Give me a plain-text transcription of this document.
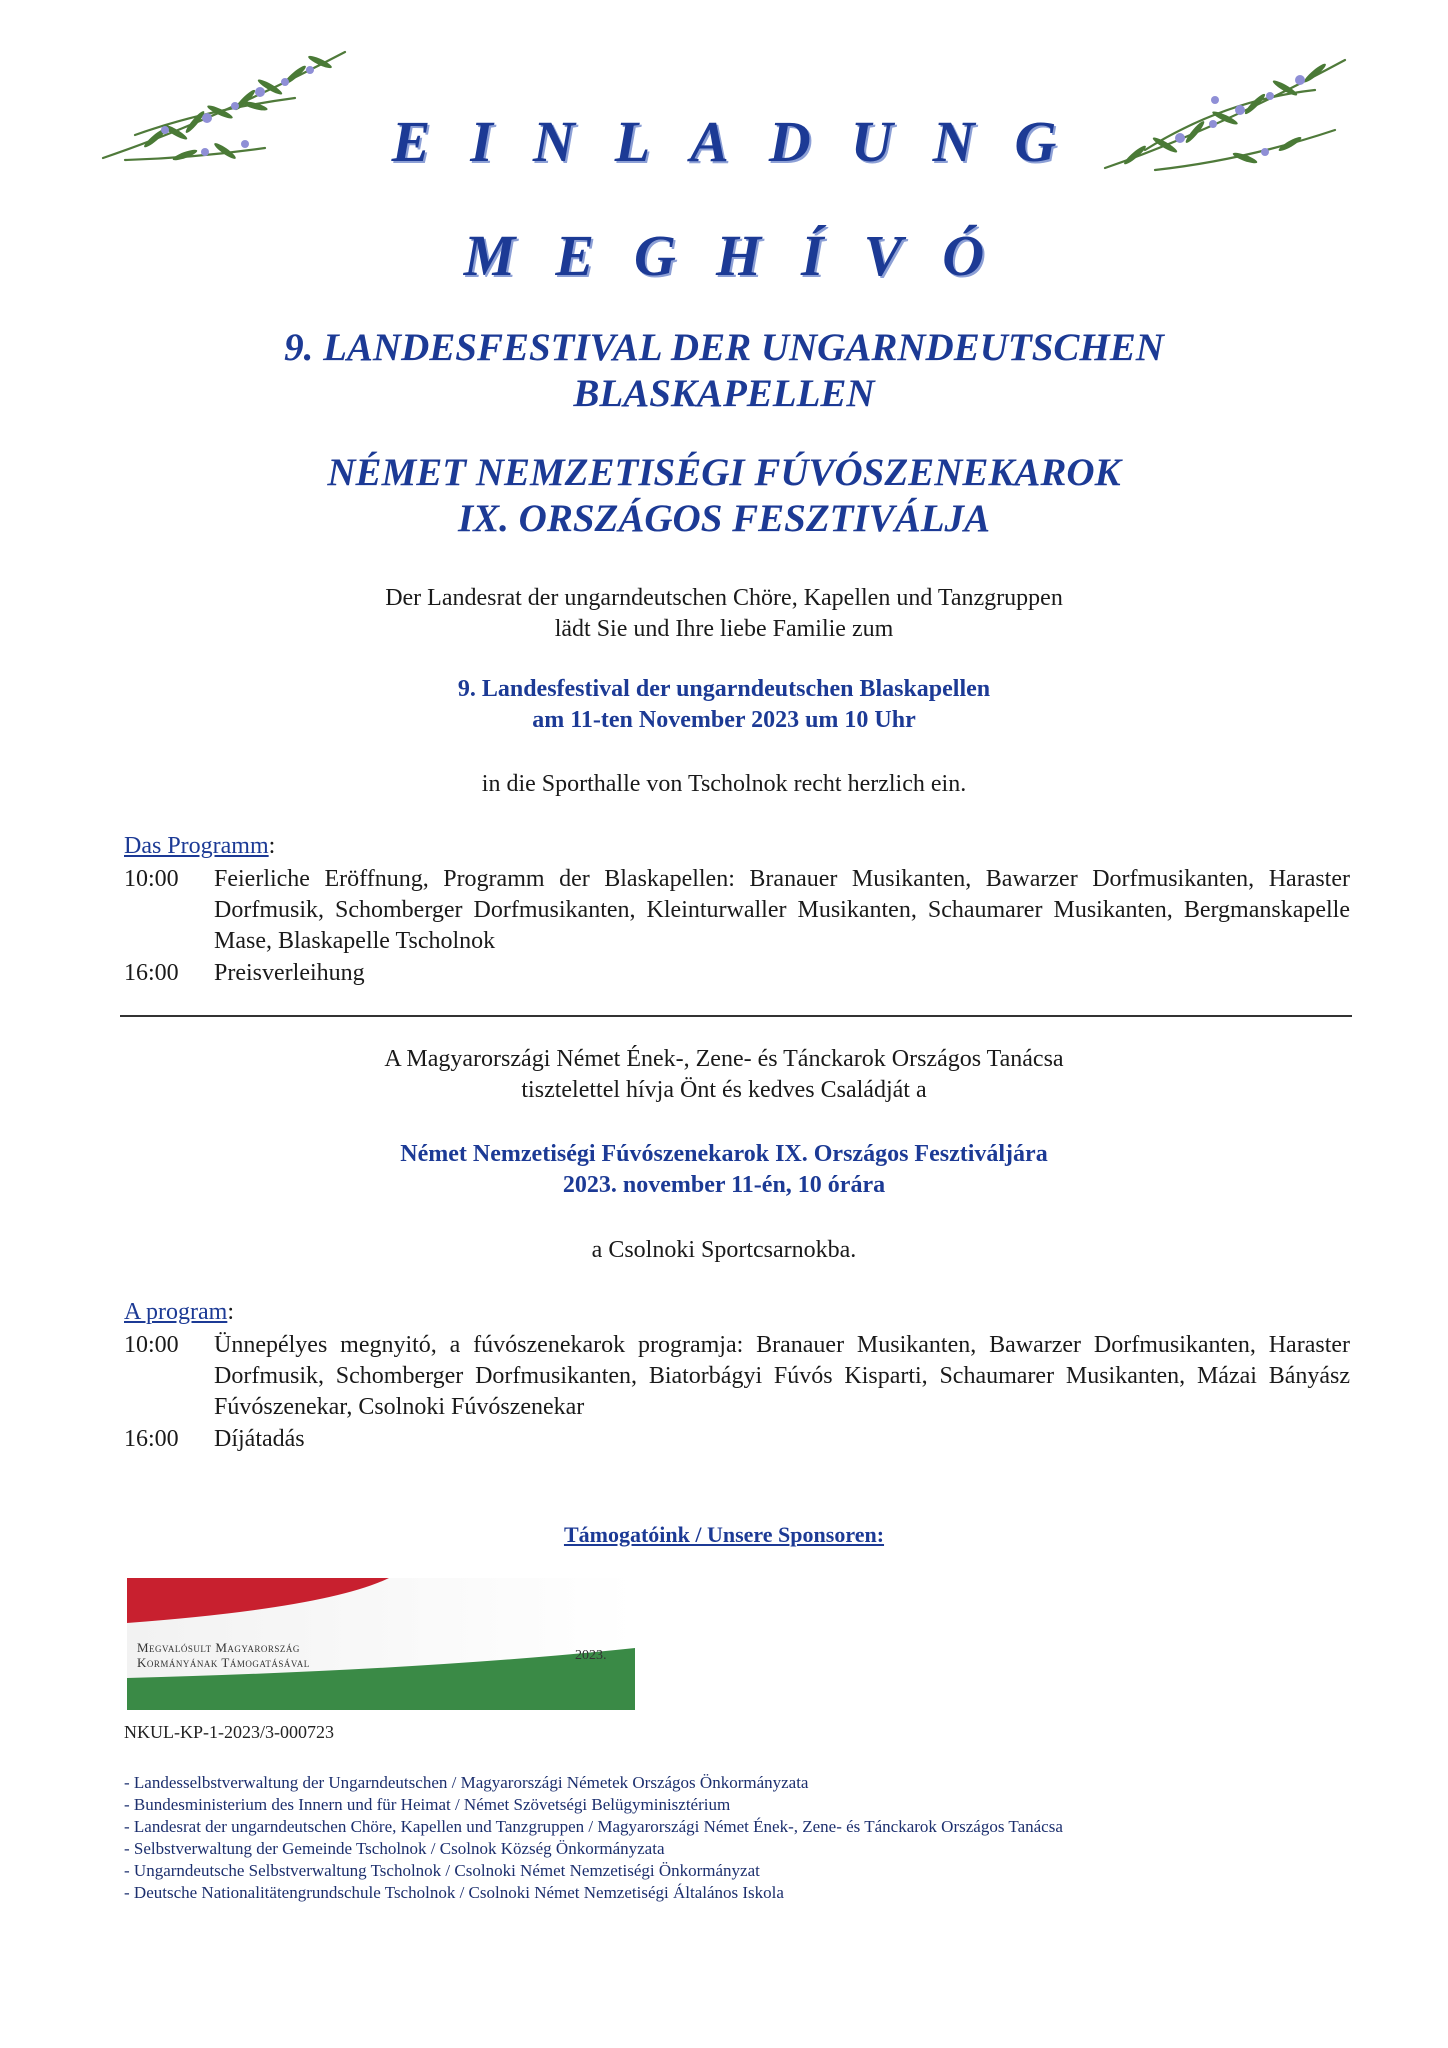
EINLADUNG
MEGHÍVÓ
9. LANDESFESTIVAL DER UNGARNDEUTSCHEN
BLASKAPELLEN
NÉMET NEMZETISÉGI FÚVÓSZENEKAROK
IX. ORSZÁGOS FESZTIVÁLJA
Der Landesrat der ungarndeutschen Chöre, Kapellen und Tanzgruppen
lädt Sie und Ihre liebe Familie zum
9. Landesfestival der ungarndeutschen Blaskapellen
am 11-ten November 2023 um 10 Uhr
in die Sporthalle von Tscholnok recht herzlich ein.
Das Programm:
10:00	Feierliche Eröffnung, Programm der Blaskapellen: Branauer Musikanten, Bawarzer Dorfmusikanten, Haraster Dorfmusik, Schomberger Dorfmusikanten, Kleinturwaller Musikanten, Schaumarer Musikanten, Bergmanskapelle Mase, Blaskapelle Tscholnok
16:00	Preisverleihung
A Magyarországi Német Ének-, Zene- és Tánckarok Országos Tanácsa
tisztelettel hívja Önt és kedves Családját a
Német Nemzetiségi Fúvószenekarok IX. Országos Fesztiváljára
2023. november 11-én, 10 órára
a Csolnoki Sportcsarnokba.
A program:
10:00	Ünnepélyes megnyitó, a fúvószenekarok programja: Branauer Musikanten, Bawarzer Dorfmusikanten, Haraster Dorfmusik, Schomberger Dorfmusikanten, Biatorbágyi Fúvós Kisparti, Schaumarer Musikanten, Mázai Bányász Fúvószenekar, Csolnoki Fúvószenekar
16:00	Díjátadás
Támogatóink / Unsere Sponsoren:
Megvalósult Magyarország
Kormányának Támogatásával	2023.
NKUL-KP-1-2023/3-000723
- Landesselbstverwaltung der Ungarndeutschen / Magyarországi Németek Országos Önkormányzata
- Bundesministerium des Innern und für Heimat / Német Szövetségi Belügyminisztérium
- Landesrat der ungarndeutschen Chöre, Kapellen und Tanzgruppen / Magyarországi Német Ének-, Zene- és Tánckarok Országos Tanácsa
- Selbstverwaltung der Gemeinde Tscholnok / Csolnok Község Önkormányzata
- Ungarndeutsche Selbstverwaltung Tscholnok / Csolnoki Német Nemzetiségi Önkormányzat
- Deutsche Nationalitätengrundschule Tscholnok / Csolnoki Német Nemzetiségi Általános Iskola
